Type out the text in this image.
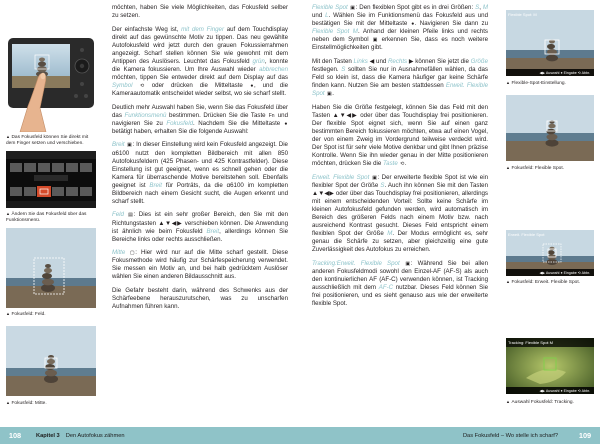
▲ Das Fokusfeld können Sie direkt mit dem Finger setzen und verschieben.
▲ Ändern Sie das Fokusfeld über das Funktionsmenü.
▲ Fokusfeld: Feld.
▲ Fokusfeld: Mitte.

möchten, haben Sie viele Möglichkeiten, das Fokusfeld selber zu setzen.

Der einfachste Weg ist, mit dem Finger auf dem Touchdisplay direkt auf das gewünschte Motiv zu tippen. Das neu gewählte Autofokusfeld wird jetzt durch den grauen Fokussierrahmen angezeigt. Scharf stellen können Sie wie gewohnt mit dem Antippen des Auslösers. Leuchtet das Fokusfeld grün, konnte die Kamera fokussieren. Um Ihre Auswahl wieder abbrechen möchten, tippen Sie entweder direkt auf dem Display auf das Symbol ⟲ oder drücken die Mitteltaste ●, und die Kameraautomatik entscheidet wieder selbst, wo sie scharf stellt.

Deutlich mehr Auswahl haben Sie, wenn Sie das Fokusfeld über das Funktionsmenü bestimmen. Drücken Sie die Taste Fn und navigieren Sie zu Fokusfeld. Nachdem Sie die Mitteltaste ● betätigt haben, erhalten Sie die folgende Auswahl:

Breit ▣: In dieser Einstellung wird kein Fokusfeld angezeigt. Die α6100 nutzt den kompletten Bildbereich mit allen 850 Autofokusfeldern (425 Phasen- und 425 Kontrastfelder). Diese Einstellung ist gut geeignet, wenn es schnell gehen oder die Kamera für überraschende Motive bereitstehen soll. Ebenfalls geeignet ist Breit für Porträts, da die α6100 im kompletten Bildbereich nach einem Gesicht sucht, die Augen erkennt und scharf stellt.

Feld ▤: Dies ist ein sehr großer Bereich, den Sie mit den Richtungstasten ▲▼◀▶ verschieben können. Die Anwendung ist ähnlich wie beim Fokusfeld Breit, allerdings können Sie Bereiche links oder rechts ausschließen.

Mitte ▢: Hier wird nur auf die Mitte scharf gestellt. Diese Fokusmethode wird häufig zur Schärfespeicherung verwendet. Sie messen ein Motiv an, und bei halb gedrücktem Auslöser wählen Sie einen anderen Bildausschnitt aus.

Die Gefahr besteht darin, während des Schwenks aus der Schärfeebene herauszurutschen, was zu unscharfen Aufnahmen führen kann.

108	Kapitel 3 Den Autofokus zähmen

Flexible Spot ▣: Den flexiblen Spot gibt es in drei Größen: S, M und L. Wählen Sie im Funktionsmenü das Fokusfeld aus und bestätigen Sie mit der Mitteltaste ●. Navigieren Sie dann zu Flexible Spot M. Anhand der kleinen Pfeile links und rechts neben dem Symbol ▣ erkennen Sie, dass es noch weitere Einstellmöglichkeiten gibt.

Mit den Tasten Links ◀ und Rechts ▶ können Sie jetzt die Größe festlegen. S sollten Sie nur in Ausnahmefällen wählen, da das Feld so klein ist, dass die Kamera häufiger gar keine Schärfe finden kann. Nutzen Sie am besten stattdessen Erweit. Flexible Spot ▣.

Haben Sie die Größe festgelegt, können Sie das Feld mit den Tasten ▲▼◀▶ oder über das Touchdisplay frei positionieren. Der flexible Spot eignet sich, wenn Sie auf einen ganz bestimmten Bereich fokussieren möchten, etwa auf einen Vogel, der von einem Zweig im Vordergrund teilweise verdeckt wird. Der Spot ist für sehr viele Motive denkbar und gibt Ihnen präzise Kontrolle. Wenn Sie ihn wieder genau in der Mitte positionieren möchten, drücken Sie die Taste ⟲.

Erweit. Flexible Spot ▣: Der erweiterte flexible Spot ist wie ein flexibler Spot der Größe S. Auch ihn können Sie mit den Tasten ▲▼◀▶ oder über das Touchdisplay frei positionieren, allerdings mit einem entscheidenden Vorteil: Sollte keine Schärfe im kleinen Autofokusfeld gefunden werden, wird automatisch im Bereich des größeren Felds nach einem Motiv bzw. nach ausreichend Kontrast gesucht. Dieses Feld entspricht einem flexiblen Spot der Größe M. Der Modus ermöglicht es, sehr genau die Schärfe zu setzen, aber gleichzeitig eine gute Zuverlässigkeit des Autofokus zu erreichen.

Tracking:Erweit. Flexible Spot ▣: Während Sie bei allen anderen Fokusfeldmodi sowohl den Einzel-AF (AF-S) als auch den kontinuierlichen AF (AF-C) verwenden können, ist Tracking ausschließlich mit dem AF-C nutzbar. Dieses Feld können Sie frei positionieren, und es sieht genauso aus wie der erweiterte flexible Spot.

Flexible Spot: M
◀▶ Auswahl ● Eingabe ⟲ Abbr.
▲ Flexible-Spot-Einstellung.
▲ Fokusfeld: Flexible Spot.
Erweit. Flexible Spot
◀▶ Auswahl ● Eingabe ⟲ Abbr.
▲ Fokusfeld: Erweit. Flexible Spot.
Tracking: Flexible Spot M
◀▶ Auswahl ● Eingabe ⟲ Abbr.
▲ Auswahl Fokusfeld: Tracking.
Das Fokusfeld – Wo stelle ich scharf?	109
